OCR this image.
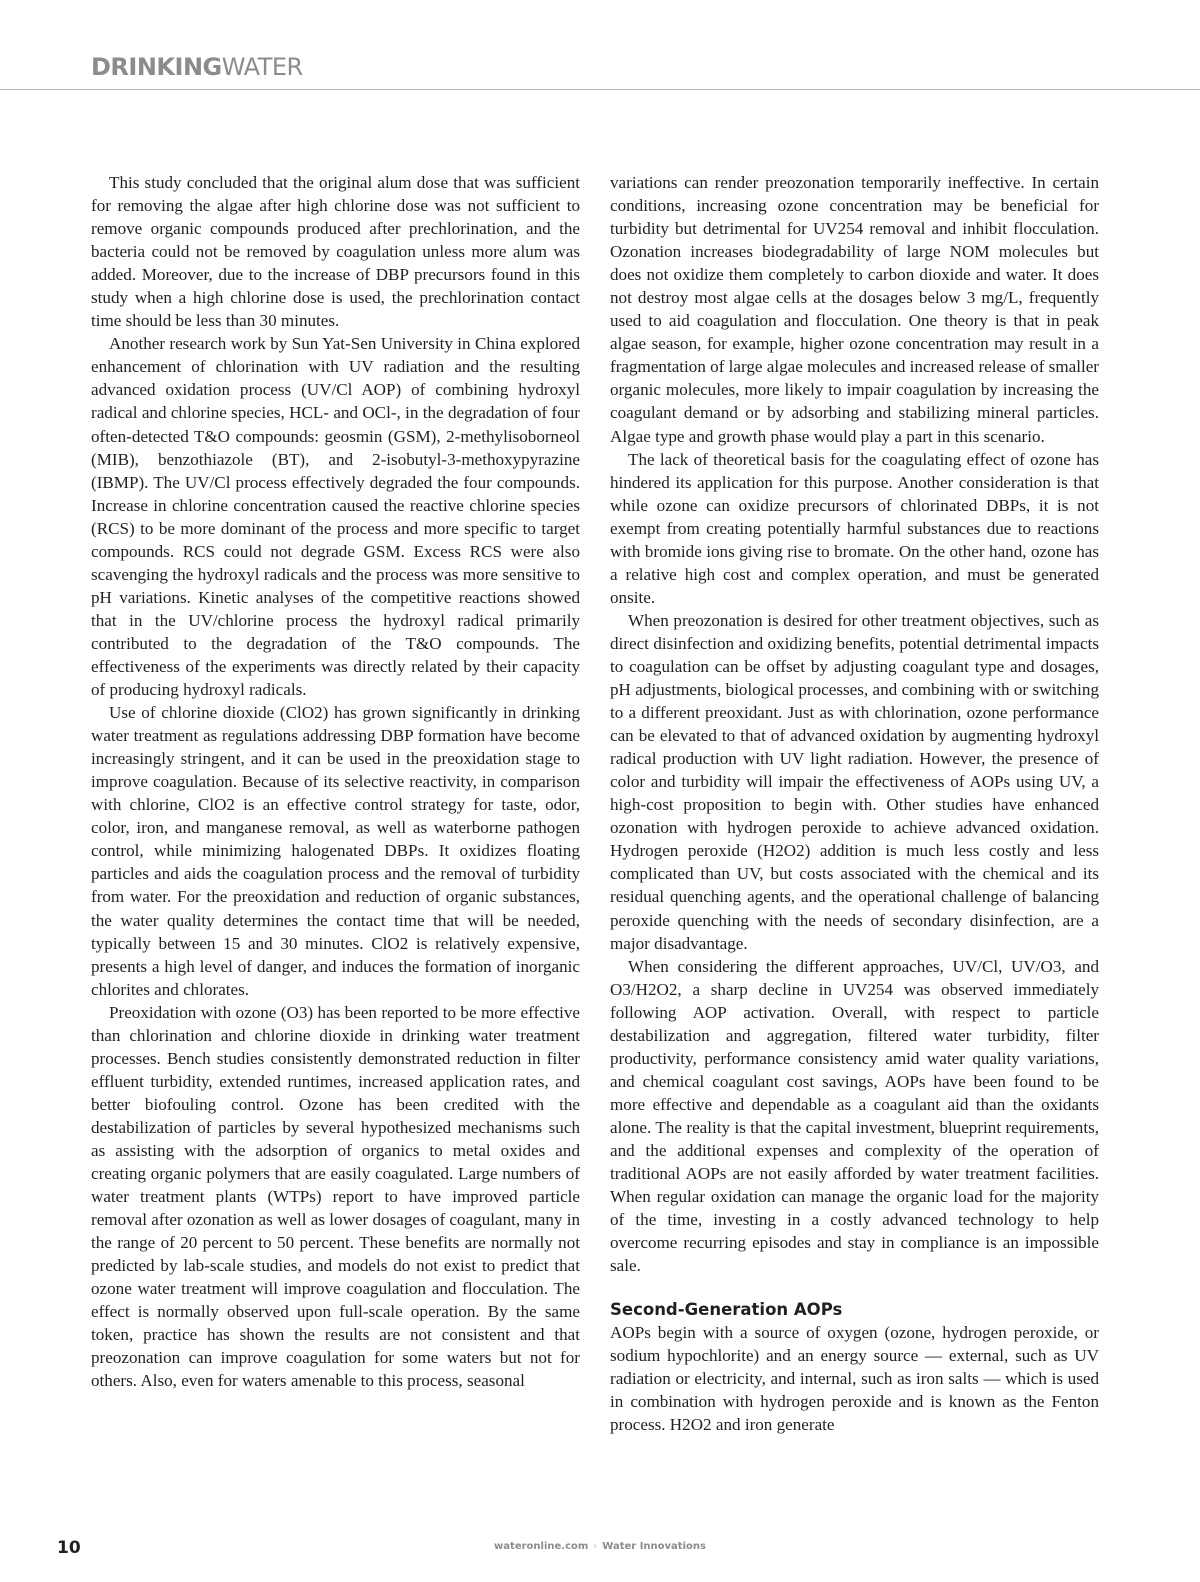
DRINKINGWATER

This study concluded that the original alum dose that was sufficient for removing the algae after high chlorine dose was not sufficient to remove organic compounds produced after prechlorination, and the bacteria could not be removed by coagulation unless more alum was added. Moreover, due to the increase of DBP precursors found in this study when a high chlorine dose is used, the prechlorination contact time should be less than 30 minutes.

Another research work by Sun Yat-Sen University in China explored enhancement of chlorination with UV radiation and the resulting advanced oxidation process (UV/Cl AOP) of combining hydroxyl radical and chlorine species, HCL- and OCl-, in the degradation of four often-detected T&O compounds: geosmin (GSM), 2-methylisoborneol (MIB), benzothiazole (BT), and 2-isobutyl-3-methoxypyrazine (IBMP). The UV/Cl process effectively degraded the four compounds. Increase in chlorine concentration caused the reactive chlorine species (RCS) to be more dominant of the process and more specific to target compounds. RCS could not degrade GSM. Excess RCS were also scavenging the hydroxyl radicals and the process was more sensitive to pH variations. Kinetic analyses of the competitive reactions showed that in the UV/chlorine process the hydroxyl radical primarily contributed to the degradation of the T&O compounds. The effectiveness of the experiments was directly related by their capacity of producing hydroxyl radicals.

Use of chlorine dioxide (ClO2) has grown significantly in drinking water treatment as regulations addressing DBP formation have become increasingly stringent, and it can be used in the preoxidation stage to improve coagulation. Because of its selective reactivity, in comparison with chlorine, ClO2 is an effective control strategy for taste, odor, color, iron, and manganese removal, as well as waterborne pathogen control, while minimizing halogenated DBPs. It oxidizes floating particles and aids the coagulation process and the removal of turbidity from water. For the preoxidation and reduction of organic substances, the water quality determines the contact time that will be needed, typically between 15 and 30 minutes. ClO2 is relatively expensive, presents a high level of danger, and induces the formation of inorganic chlorites and chlorates.

Preoxidation with ozone (O3) has been reported to be more effective than chlorination and chlorine dioxide in drinking water treatment processes. Bench studies consistently demonstrated reduction in filter effluent turbidity, extended runtimes, increased application rates, and better biofouling control. Ozone has been credited with the destabilization of particles by several hypothesized mechanisms such as assisting with the adsorption of organics to metal oxides and creating organic polymers that are easily coagulated. Large numbers of water treatment plants (WTPs) report to have improved particle removal after ozonation as well as lower dosages of coagulant, many in the range of 20 percent to 50 percent. These benefits are normally not predicted by lab-scale studies, and models do not exist to predict that ozone water treatment will improve coagulation and flocculation. The effect is normally observed upon full-scale operation. By the same token, practice has shown the results are not consistent and that preozonation can improve coagulation for some waters but not for others. Also, even for waters amenable to this process, seasonal

variations can render preozonation temporarily ineffective. In certain conditions, increasing ozone concentration may be beneficial for turbidity but detrimental for UV254 removal and inhibit flocculation. Ozonation increases biodegradability of large NOM molecules but does not oxidize them completely to carbon dioxide and water. It does not destroy most algae cells at the dosages below 3 mg/L, frequently used to aid coagulation and flocculation. One theory is that in peak algae season, for example, higher ozone concentration may result in a fragmentation of large algae molecules and increased release of smaller organic molecules, more likely to impair coagulation by increasing the coagulant demand or by adsorbing and stabilizing mineral particles. Algae type and growth phase would play a part in this scenario.

The lack of theoretical basis for the coagulating effect of ozone has hindered its application for this purpose. Another consideration is that while ozone can oxidize precursors of chlorinated DBPs, it is not exempt from creating potentially harmful substances due to reactions with bromide ions giving rise to bromate. On the other hand, ozone has a relative high cost and complex operation, and must be generated onsite.

When preozonation is desired for other treatment objectives, such as direct disinfection and oxidizing benefits, potential detrimental impacts to coagulation can be offset by adjusting coagulant type and dosages, pH adjustments, biological processes, and combining with or switching to a different preoxidant. Just as with chlorination, ozone performance can be elevated to that of advanced oxidation by augmenting hydroxyl radical production with UV light radiation. However, the presence of color and turbidity will impair the effectiveness of AOPs using UV, a high-cost proposition to begin with. Other studies have enhanced ozonation with hydrogen peroxide to achieve advanced oxidation. Hydrogen peroxide (H2O2) addition is much less costly and less complicated than UV, but costs associated with the chemical and its residual quenching agents, and the operational challenge of balancing peroxide quenching with the needs of secondary disinfection, are a major disadvantage.

When considering the different approaches, UV/Cl, UV/O3, and O3/H2O2, a sharp decline in UV254 was observed immediately following AOP activation. Overall, with respect to particle destabilization and aggregation, filtered water turbidity, filter productivity, performance consistency amid water quality variations, and chemical coagulant cost savings, AOPs have been found to be more effective and dependable as a coagulant aid than the oxidants alone. The reality is that the capital investment, blueprint requirements, and the additional expenses and complexity of the operation of traditional AOPs are not easily afforded by water treatment facilities. When regular oxidation can manage the organic load for the majority of the time, investing in a costly advanced technology to help overcome recurring episodes and stay in compliance is an impossible sale.

Second-Generation AOPs

AOPs begin with a source of oxygen (ozone, hydrogen peroxide, or sodium hypochlorite) and an energy source — external, such as UV radiation or electricity, and internal, such as iron salts — which is used in combination with hydrogen peroxide and is known as the Fenton process. H2O2 and iron generate

10	wateronline.com › Water Innovations
